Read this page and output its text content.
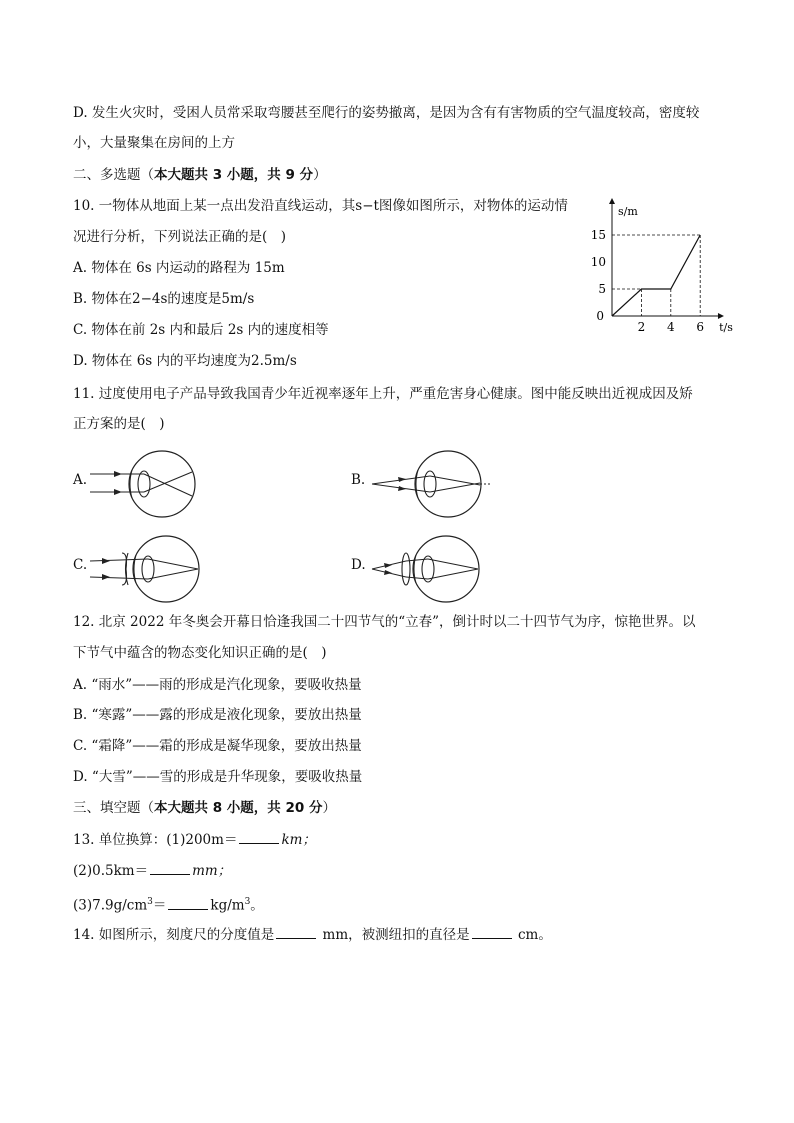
D. 发生火灾时，受困人员常采取弯腰甚至爬行的姿势撤离，是因为含有有害物质的空气温度较高，密度较
小，大量聚集在房间的上方
二、多选题（本大题共 3 小题，共 9 分）
10. 一物体从地面上某一点出发沿直线运动，其s−t图像如图所示，对物体的运动情
况进行分析，下列说法正确的是(　)
A. 物体在 6s 内运动的路程为 15m
B. 物体在2−4s的速度是5m/s
C. 物体在前 2s 内和最后 2s 内的速度相等
D. 物体在 6s 内的平均速度为2.5m/s
2 4 6
5
10
15
0
t/s
s/m
11. 过度使用电子产品导致我国青少年近视率逐年上升，严重危害身心健康。图中能反映出近视成因及矫
正方案的是(　)
A.	B.
C.	D.
12. 北京 2022 年冬奥会开幕日恰逢我国二十四节气的“立春”，倒计时以二十四节气为序，惊艳世界。以
下节气中蕴含的物态变化知识正确的是(　)
A. “雨水”——雨的形成是汽化现象，要吸收热量
B. “寒露”——露的形成是液化现象，要放出热量
C. “霜降”——霜的形成是凝华现象，要放出热量
D. “大雪”——雪的形成是升华现象，要吸收热量
三、填空题（本大题共 8 小题，共 20 分）
13. 单位换算：(1)200m＝	km；
(2)0.5km＝	mm；
$(3)7.9g/cm^3=$	$kg/m^3$。
14. 如图所示，刻度尺的分度值是	mm，被测纽扣的直径是	cm。
